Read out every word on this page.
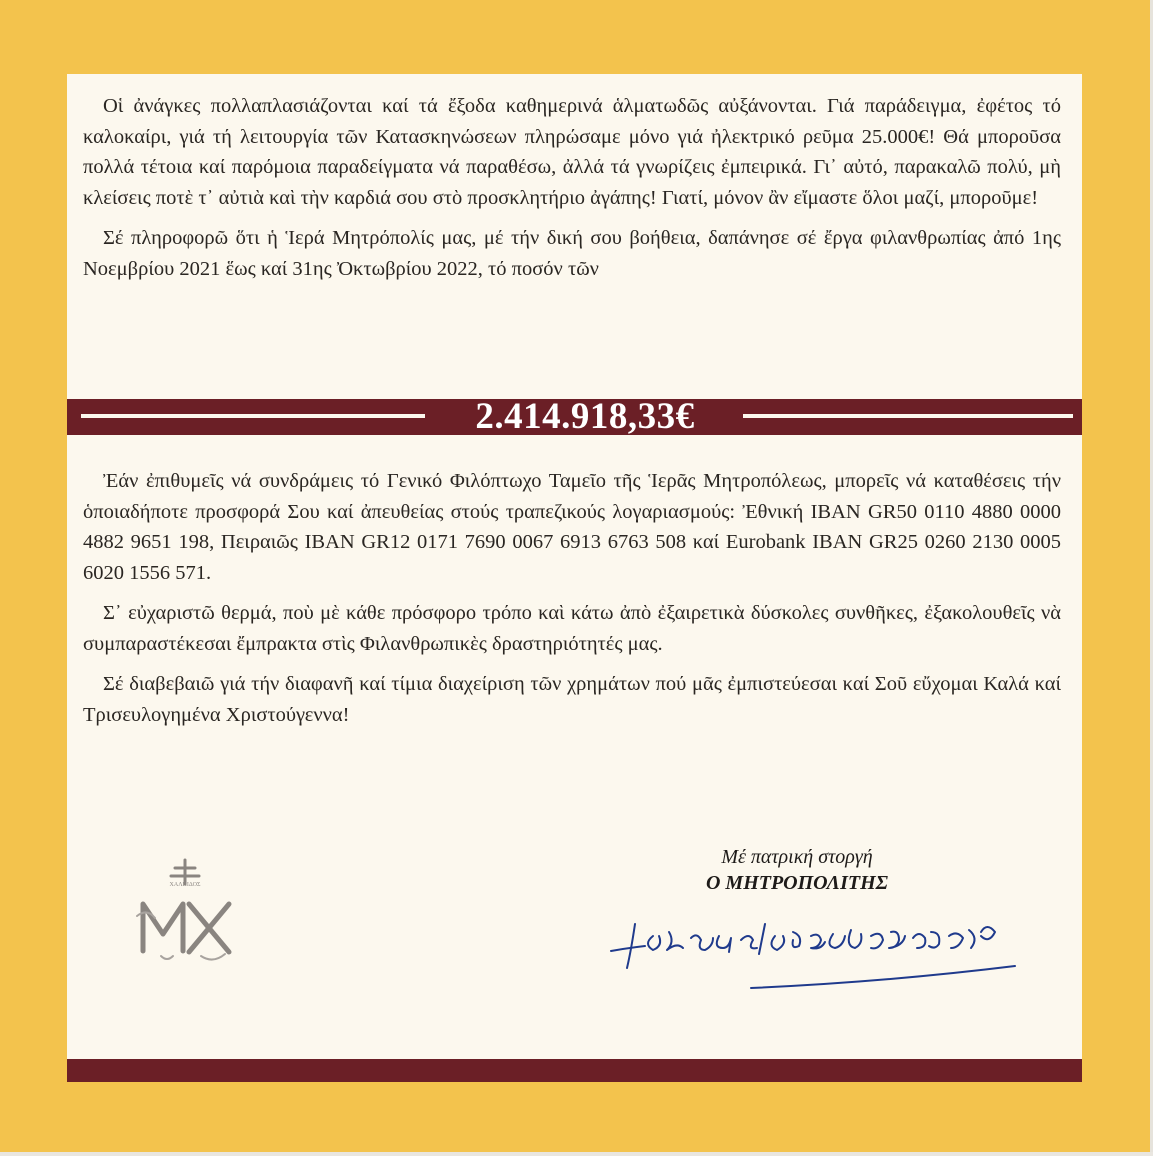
Οἱ ἀνάγκες πολλαπλασιάζονται καί τά ἔξοδα καθημερινά ἁλματωδῶς αὐξάνονται. Γιά παράδειγμα, ἐφέτος τό καλοκαίρι, γιά τή λειτουργία τῶν Κατασκηνώσεων πληρώσαμε μόνο γιά ἠλεκτρικό ρεῦμα 25.000€! Θά μποροῦσα πολλά τέτοια καί παρόμοια παραδείγματα νά παραθέσω, ἀλλά τά γνωρίζεις ἐμπειρικά. Γι᾽ αὐτό, παρακαλῶ πολύ, μὴ κλείσεις ποτὲ τ᾽ αὐτιὰ καὶ τὴν καρδιά σου στὸ προσκλητήριο ἀγάπης! Γιατί, μόνον ἂν εἴμαστε ὅλοι μαζί, μποροῦμε!

Σέ πληροφορῶ ὅτι ἡ Ἱερά Μητρόπολίς μας, μέ τήν δική σου βοήθεια, δαπάνησε σέ ἔργα φιλανθρωπίας ἀπό 1ης Νοεμβρίου 2021 ἕως καί 31ης Ὀκτωβρίου 2022, τό ποσόν τῶν

2.414.918,33€

Ἐάν ἐπιθυμεῖς νά συνδράμεις τό Γενικό Φιλόπτωχο Ταμεῖο τῆς Ἱερᾶς Μητροπόλεως, μπορεῖς νά καταθέσεις τήν ὁποιαδήποτε προσφορά Σου καί ἀπευθείας στούς τραπεζικούς λογαριασμούς: Ἐθνική IBAN GR50 0110 4880 0000 4882 9651 198, Πειραιῶς IBAN GR12 0171 7690 0067 6913 6763 508 καί Eurobank IBAN GR25 0260 2130 0005 6020 1556 571.

Σ᾽ εὐχαριστῶ θερμά, ποὺ μὲ κάθε πρόσφορο τρόπο καὶ κάτω ἀπὸ ἐξαιρετικὰ δύσκολες συνθῆκες, ἐξακολουθεῖς νὰ συμπαραστέκεσαι ἔμπρακτα στὶς Φιλανθρωπικὲς δραστηριότητές μας.

Σέ διαβεβαιῶ γιά τήν διαφανῆ καί τίμια διαχείριση τῶν χρημάτων πού μᾶς ἐμπιστεύεσαι καί Σοῦ εὔχομαι Καλά καί Τρισευλογημένα Χριστούγεννα!

ΧΑΛΚΙΔΟΣ
Μέ πατρική στοργή
Ο ΜΗΤΡΟΠΟΛΙΤΗΣ
